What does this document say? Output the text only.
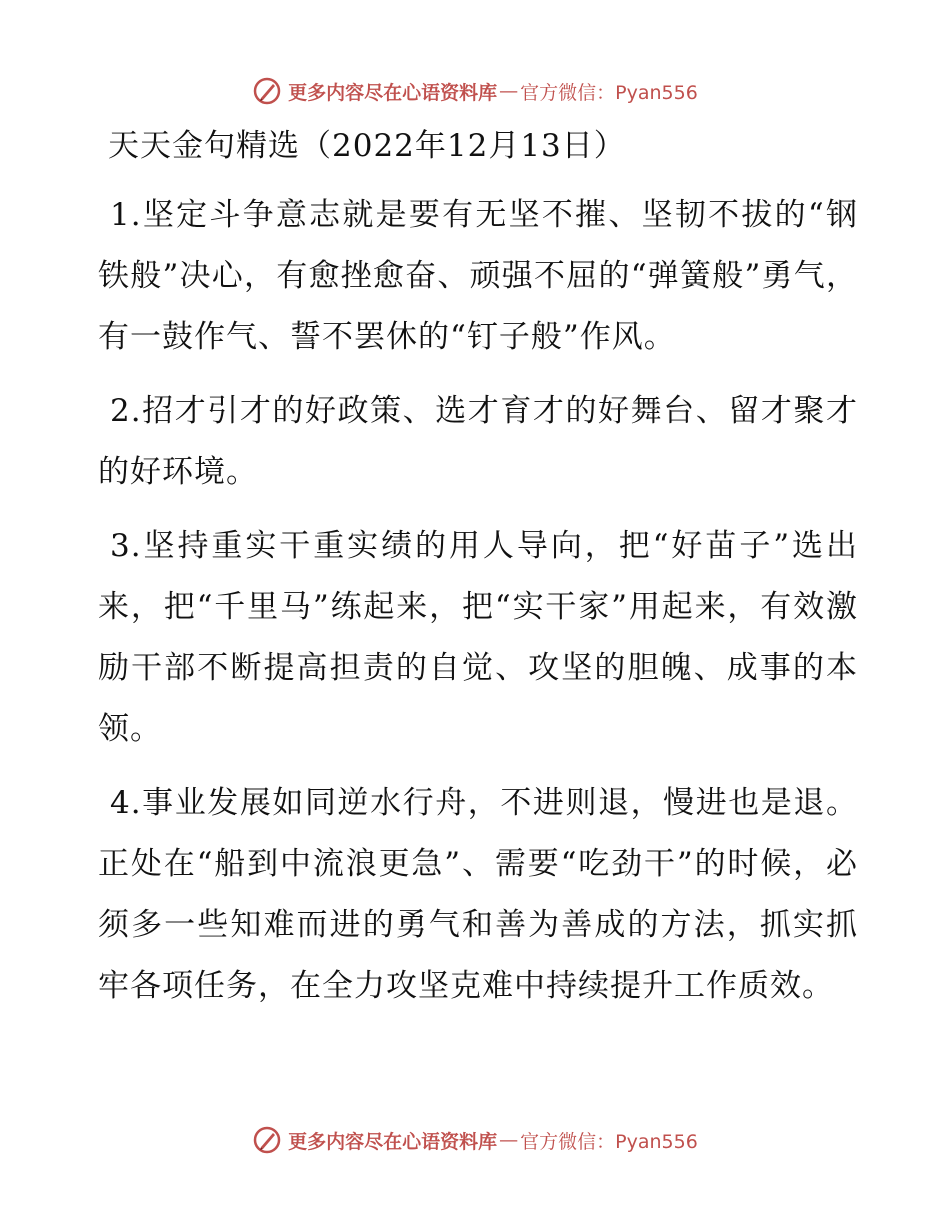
更多内容尽在心语资料库 — 官方微信：Pyan556
天天金句精选（2022年12月13日）

1.坚定斗争意志就是要有无坚不摧、坚韧不拔的“钢铁般”决心，有愈挫愈奋、顽强不屈的“弹簧般”勇气，有一鼓作气、誓不罢休的“钉子般”作风。

2.招才引才的好政策、选才育才的好舞台、留才聚才的好环境。

3.坚持重实干重实绩的用人导向，把“好苗子”选出来，把“千里马”练起来，把“实干家”用起来，有效激励干部不断提高担责的自觉、攻坚的胆魄、成事的本领。

4.事业发展如同逆水行舟，不进则退，慢进也是退。正处在“船到中流浪更急”、需要“吃劲干”的时候，必须多一些知难而进的勇气和善为善成的方法，抓实抓牢各项任务，在全力攻坚克难中持续提升工作质效。

更多内容尽在心语资料库 — 官方微信：Pyan556
